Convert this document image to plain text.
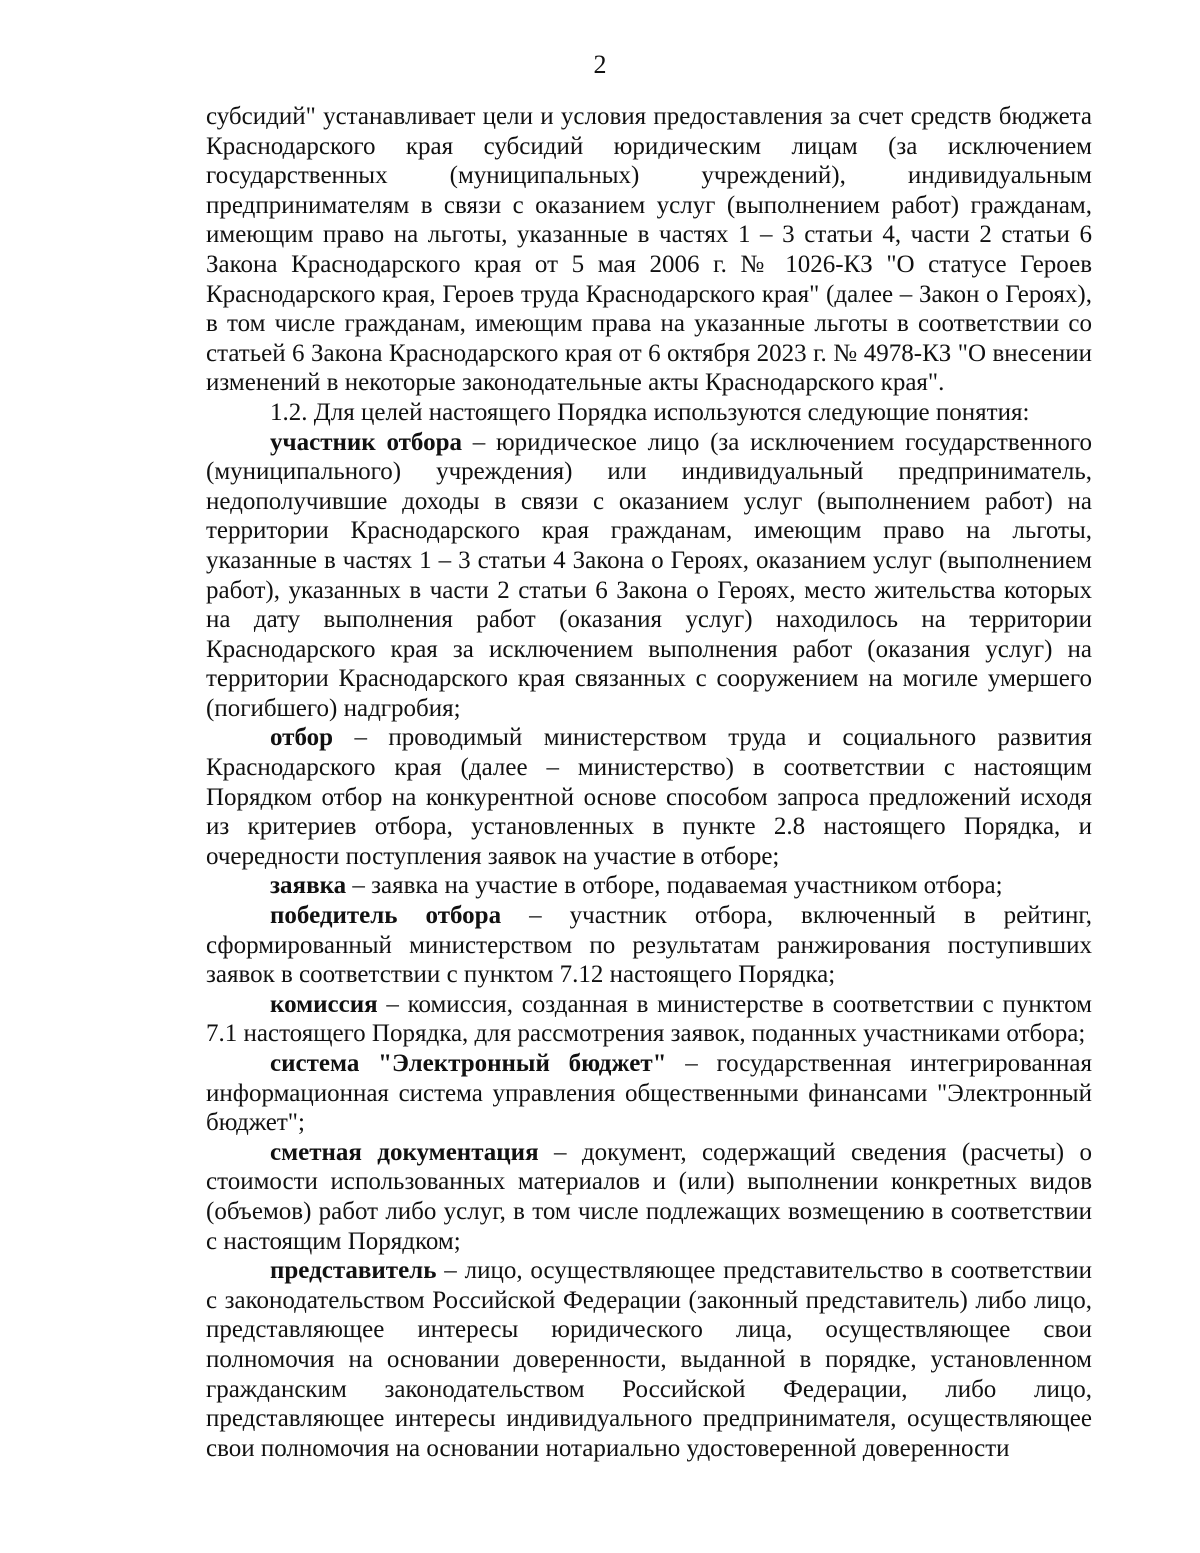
2

субсидий" устанавливает цели и условия предоставления за счет средств бюджета Краснодарского края субсидий юридическим лицам (за исключением государственных (муниципальных) учреждений), индивидуальным предпринимателям в связи с оказанием услуг (выполнением работ) гражданам, имеющим право на льготы, указанные в частях 1 – 3 статьи 4, части 2 статьи 6 Закона Краснодарского края от 5 мая 2006 г. № 1026-КЗ "О статусе Героев Краснодарского края, Героев труда Краснодарского края" (далее – Закон о Героях), в том числе гражданам, имеющим права на указанные льготы в соответствии со статьей 6 Закона Краснодарского края от 6 октября 2023 г. № 4978-КЗ "О внесении изменений в некоторые законодательные акты Краснодарского края".

1.2. Для целей настоящего Порядка используются следующие понятия:

участник отбора – юридическое лицо (за исключением государственного (муниципального) учреждения) или индивидуальный предприниматель, недополучившие доходы в связи с оказанием услуг (выполнением работ) на территории Краснодарского края гражданам, имеющим право на льготы, указанные в частях 1 – 3 статьи 4 Закона о Героях, оказанием услуг (выполнением работ), указанных в части 2 статьи 6 Закона о Героях, место жительства которых на дату выполнения работ (оказания услуг) находилось на территории Краснодарского края за исключением выполнения работ (оказания услуг) на территории Краснодарского края связанных с сооружением на могиле умершего (погибшего) надгробия;

отбор – проводимый министерством труда и социального развития Краснодарского края (далее – министерство) в соответствии с настоящим Порядком отбор на конкурентной основе способом запроса предложений исходя из критериев отбора, установленных в пункте 2.8 настоящего Порядка, и очередности поступления заявок на участие в отборе;

заявка – заявка на участие в отборе, подаваемая участником отбора;

победитель отбора – участник отбора, включенный в рейтинг, сформированный министерством по результатам ранжирования поступивших заявок в соответствии с пунктом 7.12 настоящего Порядка;

комиссия – комиссия, созданная в министерстве в соответствии с пунктом 7.1 настоящего Порядка, для рассмотрения заявок, поданных участниками отбора;

система "Электронный бюджет" – государственная интегрированная информационная система управления общественными финансами "Электронный бюджет";

сметная документация – документ, содержащий сведения (расчеты) о стоимости использованных материалов и (или) выполнении конкретных видов (объемов) работ либо услуг, в том числе подлежащих возмещению в соответствии с настоящим Порядком;

представитель – лицо, осуществляющее представительство в соответствии с законодательством Российской Федерации (законный представитель) либо лицо, представляющее интересы юридического лица, осуществляющее свои полномочия на основании доверенности, выданной в порядке, установленном гражданским законодательством Российской Федерации, либо лицо, представляющее интересы индивидуального предпринимателя, осуществляющее свои полномочия на основании нотариально удостоверенной доверенности
